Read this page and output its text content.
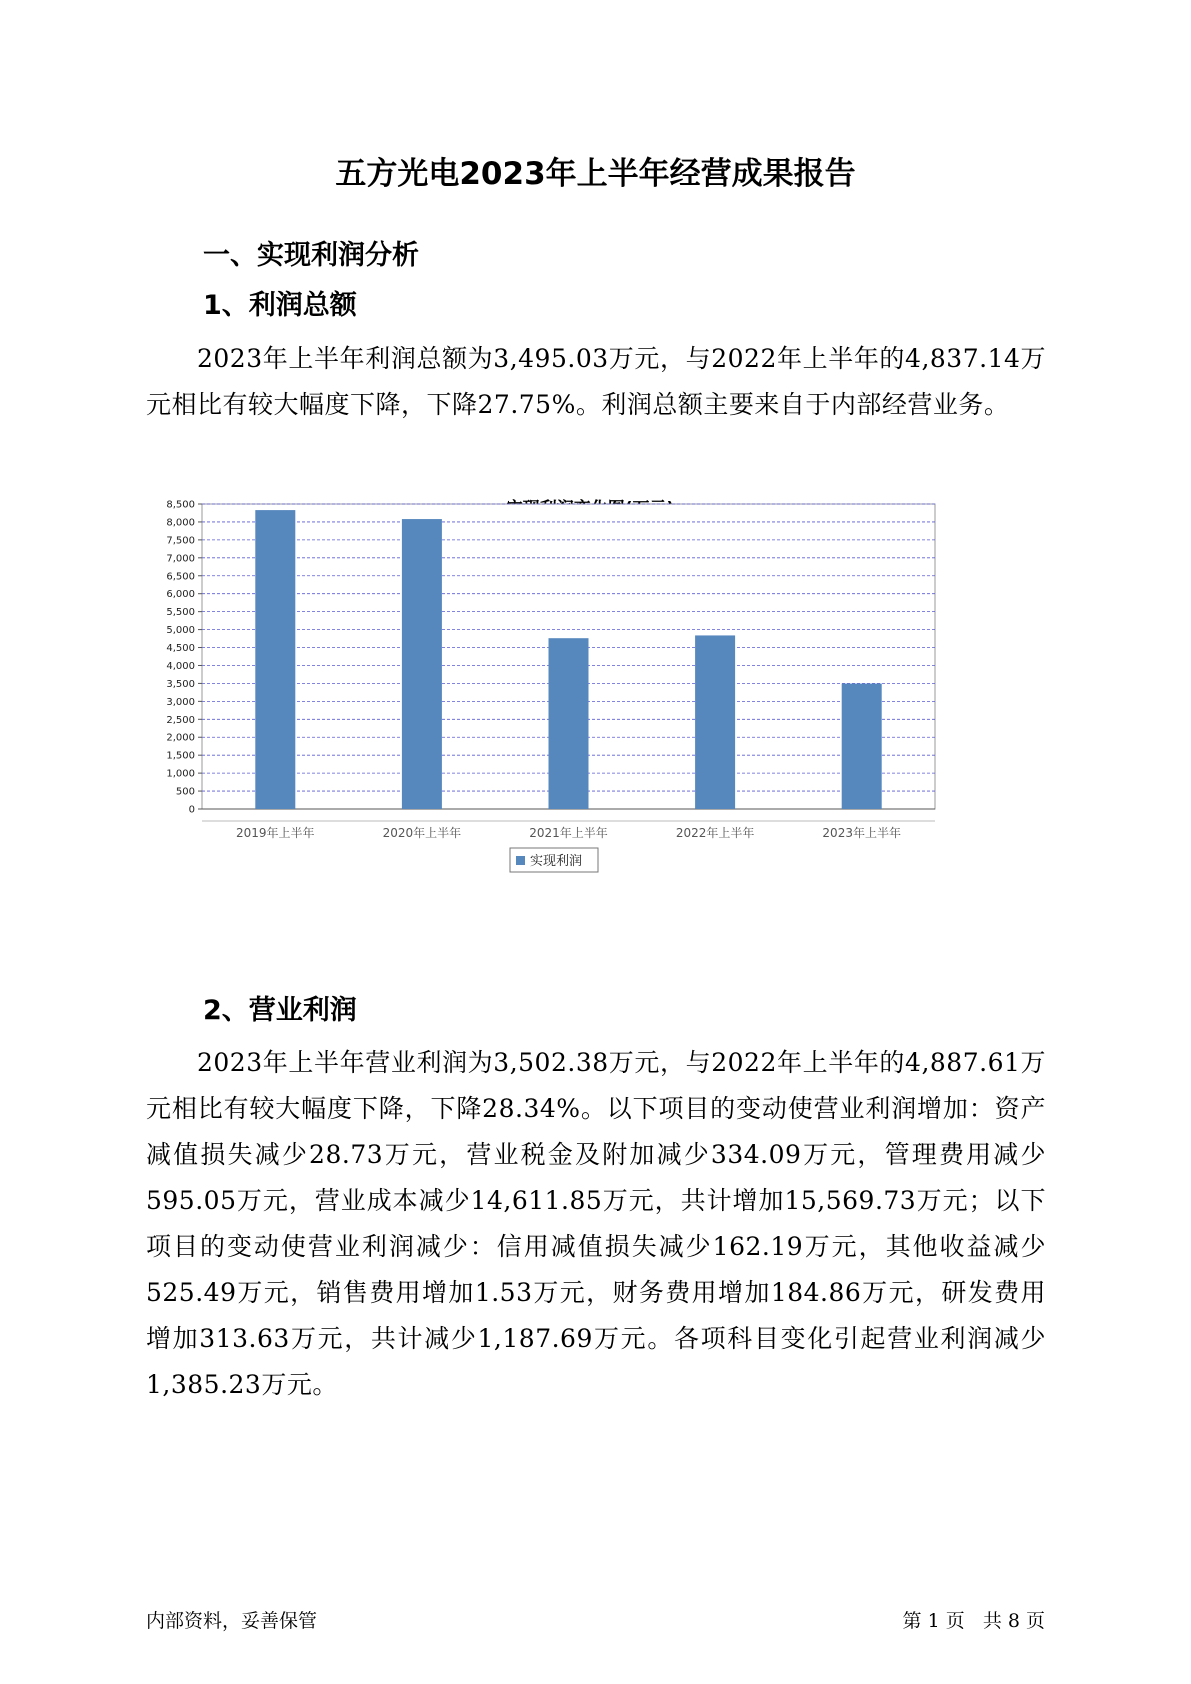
五方光电2023年上半年经营成果报告
一、实现利润分析
1、利润总额
2023年上半年利润总额为3,495.03万元，与2022年上半年的4,837.14万元相比有较大幅度下降，下降27.75%。利润总额主要来自于内部经营业务。
0
500
1,000
1,500
2,000
2,500
3,000
3,500
4,000
4,500
5,000
5,500
6,000
6,500
7,000
7,500
8,000
8,500
2019年上半年	2020年上半年	2021年上半年	2022年上半年	2023年上半年
实现利润
2、营业利润
2023年上半年营业利润为3,502.38万元，与2022年上半年的4,887.61万元相比有较大幅度下降，下降28.34%。以下项目的变动使营业利润增加：资产减值损失减少28.73万元，营业税金及附加减少334.09万元，管理费用减少595.05万元，营业成本减少14,611.85万元，共计增加15,569.73万元；以下项目的变动使营业利润减少：信用减值损失减少162.19万元，其他收益减少525.49万元，销售费用增加1.53万元，财务费用增加184.86万元，研发费用增加313.63万元，共计减少1,187.69万元。各项科目变化引起营业利润减少1,385.23万元。
内部资料，妥善保管	第 1 页   共 8 页
